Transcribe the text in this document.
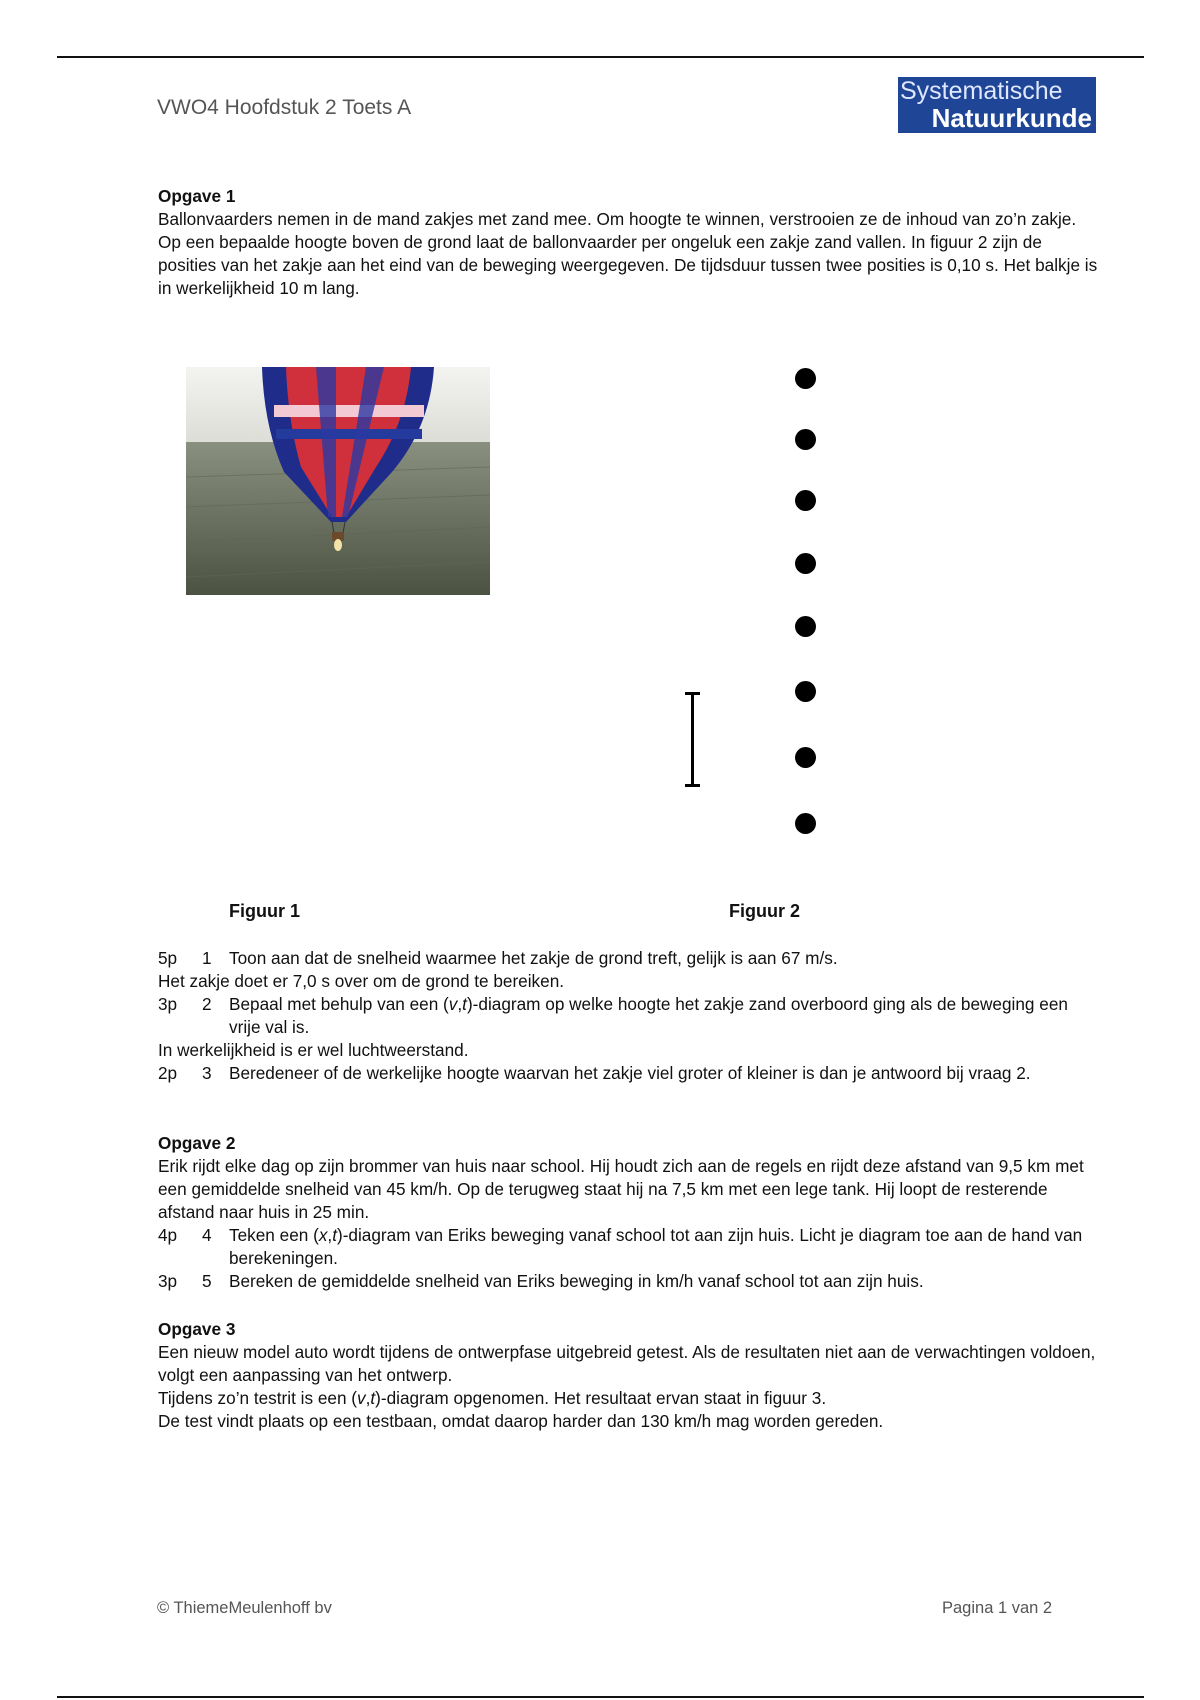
VWO4 Hoofdstuk 2 Toets A
Systematische
Natuurkunde

Opgave 1

Ballonvaarders nemen in de mand zakjes met zand mee. Om hoogte te winnen, verstrooien ze de inhoud van zo’n zakje.

Op een bepaalde hoogte boven de grond laat de ballonvaarder per ongeluk een zakje zand vallen. In figuur 2 zijn de posities van het zakje aan het eind van de beweging weergegeven. De tijdsduur tussen twee posities is 0,10 s. Het balkje is in werkelijkheid 10 m lang.

Figuur 1	Figuur 2
5p	1	Toon aan dat de snelheid waarmee het zakje de grond treft, gelijk is aan 67 m/s.

Het zakje doet er 7,0 s over om de grond te bereiken.

3p	2	Bepaal met behulp van een (v,t)-diagram op welke hoogte het zakje zand overboord ging als de beweging een vrije val is.

In werkelijkheid is er wel luchtweerstand.

2p	3	Beredeneer of de werkelijke hoogte waarvan het zakje viel groter of kleiner is dan je antwoord bij vraag 2.

Opgave 2

Erik rijdt elke dag op zijn brommer van huis naar school. Hij houdt zich aan de regels en rijdt deze afstand van 9,5 km met een gemiddelde snelheid van 45 km/h. Op de terugweg staat hij na 7,5 km met een lege tank. Hij loopt de resterende afstand naar huis in 25 min.

4p	4	Teken een (x,t)-diagram van Eriks beweging vanaf school tot aan zijn huis. Licht je diagram toe aan de hand van berekeningen.
3p	5	Bereken de gemiddelde snelheid van Eriks beweging in km/h vanaf school tot aan zijn huis.

Opgave 3

Een nieuw model auto wordt tijdens de ontwerpfase uitgebreid getest. Als de resultaten niet aan de verwachtingen voldoen, volgt een aanpassing van het ontwerp.

Tijdens zo’n testrit is een (v,t)-diagram opgenomen. Het resultaat ervan staat in figuur 3.

De test vindt plaats op een testbaan, omdat daarop harder dan 130 km/h mag worden gereden.

© ThiemeMeulenhoff bv	Pagina 1 van 2
